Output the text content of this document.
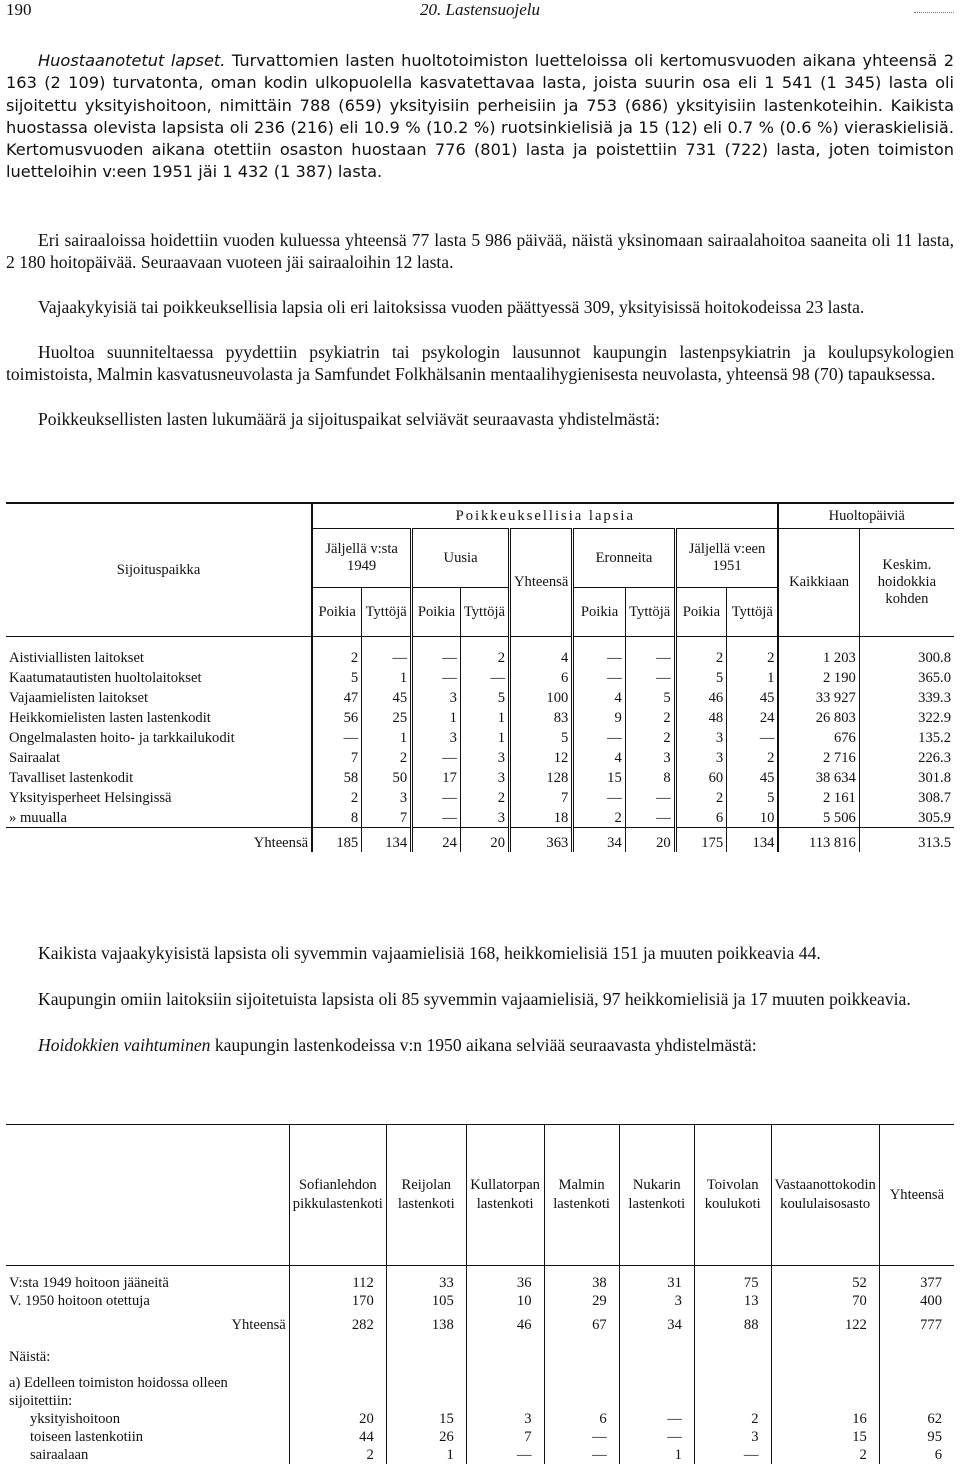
190	20. Lastensuojelu

Huostaanotetut lapset. Turvattomien lasten huoltotoimiston luetteloissa oli kertomusvuoden aikana yhteensä 2 163 (2 109) turvatonta, oman kodin ulkopuolella kasvatettavaa lasta, joista suurin osa eli 1 541 (1 345) lasta oli sijoitettu yksityishoitoon, nimittäin 788 (659) yksityisiin perheisiin ja 753 (686) yksityisiin lastenkoteihin. Kaikista huostassa olevista lapsista oli 236 (216) eli 10.9 % (10.2 %) ruotsinkielisiä ja 15 (12) eli 0.7 % (0.6 %) vieraskielisiä. Kertomusvuoden aikana otettiin osaston huostaan 776 (801) lasta ja poistettiin 731 (722) lasta, joten toimiston luetteloihin v:een 1951 jäi 1 432 (1 387) lasta.

Eri sairaaloissa hoidettiin vuoden kuluessa yhteensä 77 lasta 5 986 päivää, näistä yksinomaan sairaalahoitoa saaneita oli 11 lasta, 2 180 hoitopäivää. Seuraavaan vuoteen jäi sairaaloihin 12 lasta.

Vajaakykyisiä tai poikkeuksellisia lapsia oli eri laitoksissa vuoden päättyessä 309, yksityisissä hoitokodeissa 23 lasta.

Huoltoa suunniteltaessa pyydettiin psykiatrin tai psykologin lausunnot kaupungin lastenpsykiatrin ja koulupsykologien toimistoista, Malmin kasvatusneuvolasta ja Samfundet Folkhälsanin mentaalihygienisesta neuvolasta, yhteensä 98 (70) tapauksessa.

Poikkeuksellisten lasten lukumäärä ja sijoituspaikat selviävät seuraavasta yhdistelmästä:

Sijoituspaikka	Poikkeuksellisia lapsia									Huoltopäiviä	
	Jäljellä v:sta 1949		Uusia		Yhteensä	Eronneita		Jäljellä v:een 1951		Kaikkiaan	Keskim. hoidokkia kohden
	Poikia	Tyttöjä	Poikia	Tyttöjä		Poikia	Tyttöjä	Poikia	Tyttöjä		

Aistiviallisten laitokset	2	—	—	2	4	—	—	2	2	1 203	300.8
Kaatumatautisten huoltolaitokset	5	1	—	—	6	—	—	5	1	2 190	365.0
Vajaamielisten laitokset	47	45	3	5	100	4	5	46	45	33 927	339.3
Heikkomielisten lasten lastenkodit	56	25	1	1	83	9	2	48	24	26 803	322.9
Ongelmalasten hoito- ja tarkkailukodit	—	1	3	1	5	—	2	3	—	676	135.2
Sairaalat	7	2	—	3	12	4	3	3	2	2 716	226.3
Tavalliset lastenkodit	58	50	17	3	128	15	8	60	45	38 634	301.8
Yksityisperheet Helsingissä	2	3	—	2	7	—	—	2	5	2 161	308.7
» muualla	8	7	—	3	18	2	—	6	10	5 506	305.9
Yhteensä	185	134	24	20	363	34	20	175	134	113 816	313.5

Kaikista vajaakykyisistä lapsista oli syvemmin vajaamielisiä 168, heikkomielisiä 151 ja muuten poikkeavia 44.

Kaupungin omiin laitoksiin sijoitetuista lapsista oli 85 syvemmin vajaamielisiä, 97 heikkomielisiä ja 17 muuten poikkeavia.

Hoidokkien vaihtuminen kaupungin lastenkodeissa v:n 1950 aikana selviää seuraavasta yhdistelmästä:

	Sofianlehdon pikkulastenkoti	Reijolan lastenkoti	Kullatorpan lastenkoti	Malmin lastenkoti	Nukarin lastenkoti	Toivolan koulukoti	Vastaanottokodin koululaisosasto	Yhteensä

V:sta 1949 hoitoon jääneitä	112	33	36	38	31	75	52	377
V. 1950 hoitoon otettuja	170	105	10	29	3	13	70	400
Yhteensä	282	138	46	67	34	88	122	777
Näistä:								
a) Edelleen toimiston hoidossa olleen sijoitettiin:								
yksityishoitoon	20	15	3	6	—	2	16	62
toiseen lastenkotiin	44	26	7	—	—	3	15	95
sairaalaan	2	1	—	—	1	—	2	6
